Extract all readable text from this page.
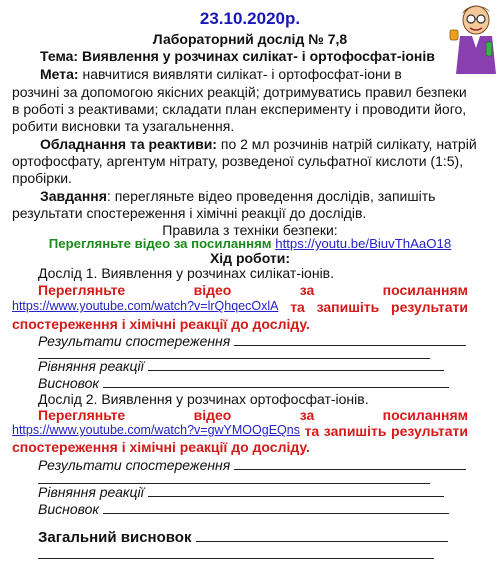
23.10.2020р.
Лабораторний дослід № 7,8
Тема: Виявлення у розчинах силікат- і ортофосфат-іонів
Мета: навчитися виявляти силікат- і ортофосфат-іони в
розчині за допомогою якісних реакцій; дотримуватись правил безпеки
в роботі з реактивами; складати план експерименту і проводити його,
робити висновки та узагальнення.
Обладнання та реактиви: по 2 мл розчинів натрій силікату, натрій
ортофосфату, аргентум нітрату, розведеної сульфатної кислоти (1:5),
пробірки.
Завдання: перегляньте відео проведення дослідів, запишіть
результати спостереження і хімічні реакції до дослідів.
Правила з техніки безпеки:
Перегляньте відео за посиланням https://youtu.be/BiuvThAaO18
Хід роботи:
Дослід 1. Виявлення у розчинах силікат-іонів.
Перегляньте	відео	за	посиланням
https://www.youtube.com/watch?v=lrQhqecOxlA та запишіть результати
спостереження і хімічні реакції до досліду.
Результати спостереження
Рівняння реакції
Висновок
Дослід 2. Виявлення у розчинах ортофосфат-іонів.
Перегляньте	відео	за	посиланням
https://www.youtube.com/watch?v=gwYMOOgEQns та запишіть результати
спостереження і хімічні реакції до досліду.
Результати спостереження
Рівняння реакції
Висновок
Загальний висновок
